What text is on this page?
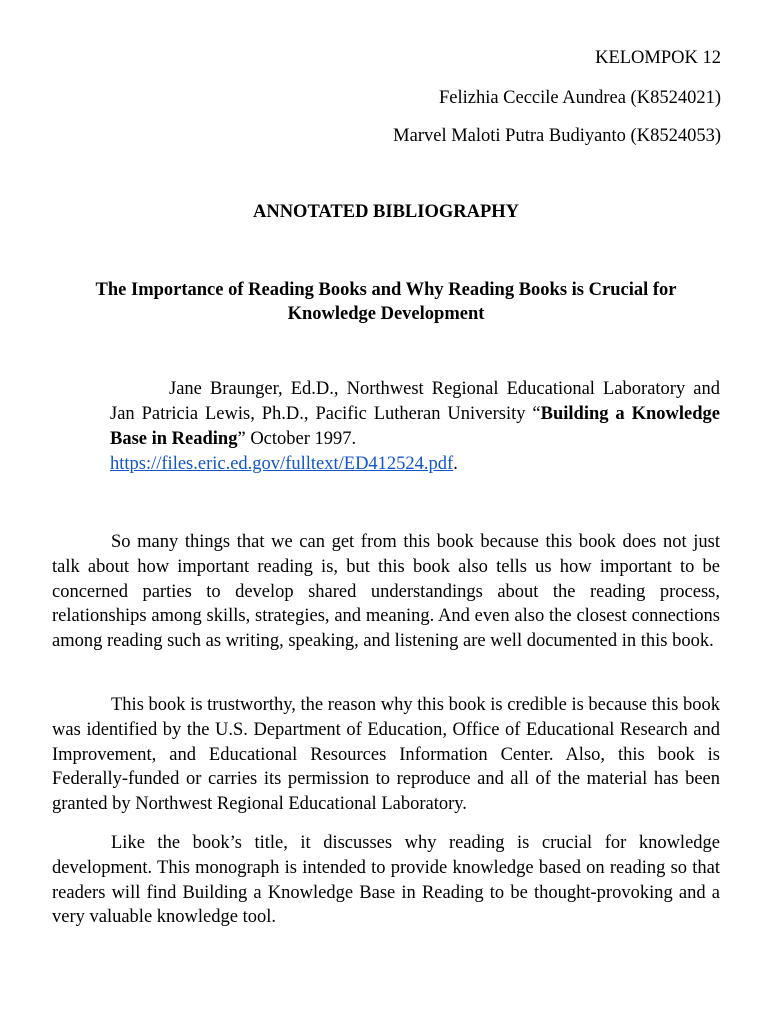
KELOMPOK 12
Felizhia Ceccile Aundrea (K8524021)
Marvel Maloti Putra Budiyanto (K8524053)
ANNOTATED BIBLIOGRAPHY
The Importance of Reading Books and Why Reading Books is Crucial for
Knowledge Development
Jane Braunger, Ed.D., Northwest Regional Educational Laboratory and Jan Patricia Lewis, Ph.D., Pacific Lutheran University “Building a Knowledge Base in Reading” October 1997.
https://files.eric.ed.gov/fulltext/ED412524.pdf.

So many things that we can get from this book because this book does not just talk about how important reading is, but this book also tells us how important to be concerned parties to develop shared understandings about the reading process, relationships among skills, strategies, and meaning. And even also the closest connections among reading such as writing, speaking, and listening are well documented in this book.

This book is trustworthy, the reason why this book is credible is because this book was identified by the U.S. Department of Education, Office of Educational Research and Improvement, and Educational Resources Information Center. Also, this book is Federally-funded or carries its permission to reproduce and all of the material has been granted by Northwest Regional Educational Laboratory.

Like the book’s title, it discusses why reading is crucial for knowledge development. This monograph is intended to provide knowledge based on reading so that readers will find Building a Knowledge Base in Reading to be thought-provoking and a very valuable knowledge tool.
